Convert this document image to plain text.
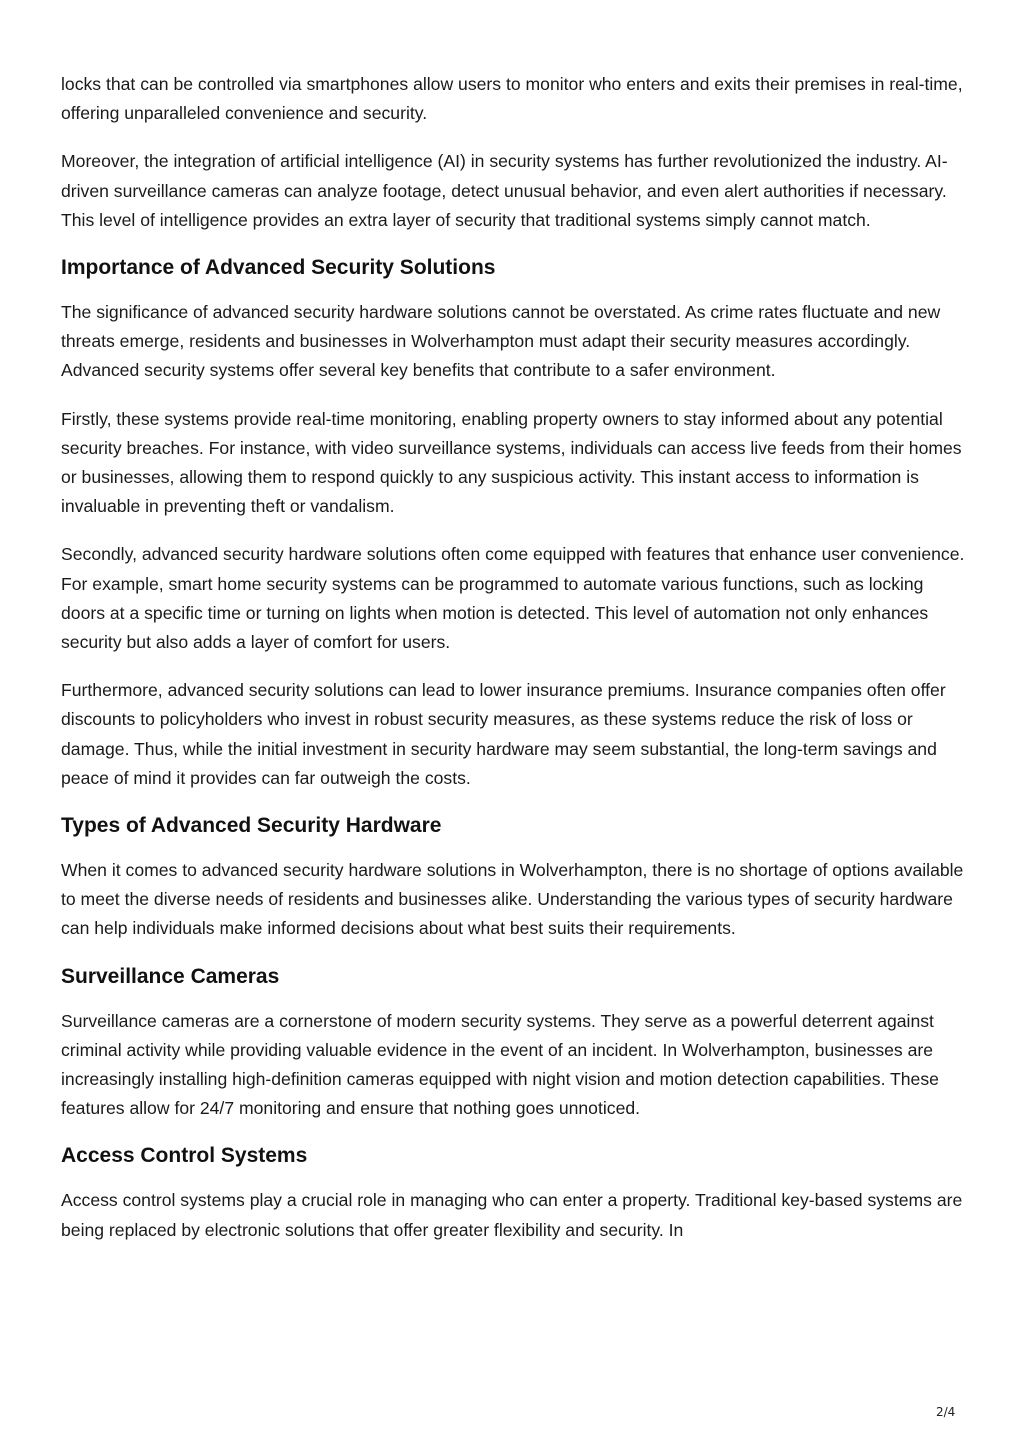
locks that can be controlled via smartphones allow users to monitor who enters and exits their premises in real-time, offering unparalleled convenience and security.

Moreover, the integration of artificial intelligence (AI) in security systems has further revolutionized the industry. AI-driven surveillance cameras can analyze footage, detect unusual behavior, and even alert authorities if necessary. This level of intelligence provides an extra layer of security that traditional systems simply cannot match.

Importance of Advanced Security Solutions

The significance of advanced security hardware solutions cannot be overstated. As crime rates fluctuate and new threats emerge, residents and businesses in Wolverhampton must adapt their security measures accordingly. Advanced security systems offer several key benefits that contribute to a safer environment.

Firstly, these systems provide real-time monitoring, enabling property owners to stay informed about any potential security breaches. For instance, with video surveillance systems, individuals can access live feeds from their homes or businesses, allowing them to respond quickly to any suspicious activity. This instant access to information is invaluable in preventing theft or vandalism.

Secondly, advanced security hardware solutions often come equipped with features that enhance user convenience. For example, smart home security systems can be programmed to automate various functions, such as locking doors at a specific time or turning on lights when motion is detected. This level of automation not only enhances security but also adds a layer of comfort for users.

Furthermore, advanced security solutions can lead to lower insurance premiums. Insurance companies often offer discounts to policyholders who invest in robust security measures, as these systems reduce the risk of loss or damage. Thus, while the initial investment in security hardware may seem substantial, the long-term savings and peace of mind it provides can far outweigh the costs.

Types of Advanced Security Hardware

When it comes to advanced security hardware solutions in Wolverhampton, there is no shortage of options available to meet the diverse needs of residents and businesses alike. Understanding the various types of security hardware can help individuals make informed decisions about what best suits their requirements.

Surveillance Cameras

Surveillance cameras are a cornerstone of modern security systems. They serve as a powerful deterrent against criminal activity while providing valuable evidence in the event of an incident. In Wolverhampton, businesses are increasingly installing high-definition cameras equipped with night vision and motion detection capabilities. These features allow for 24/7 monitoring and ensure that nothing goes unnoticed.

Access Control Systems

Access control systems play a crucial role in managing who can enter a property. Traditional key-based systems are being replaced by electronic solutions that offer greater flexibility and security. In

2/4
